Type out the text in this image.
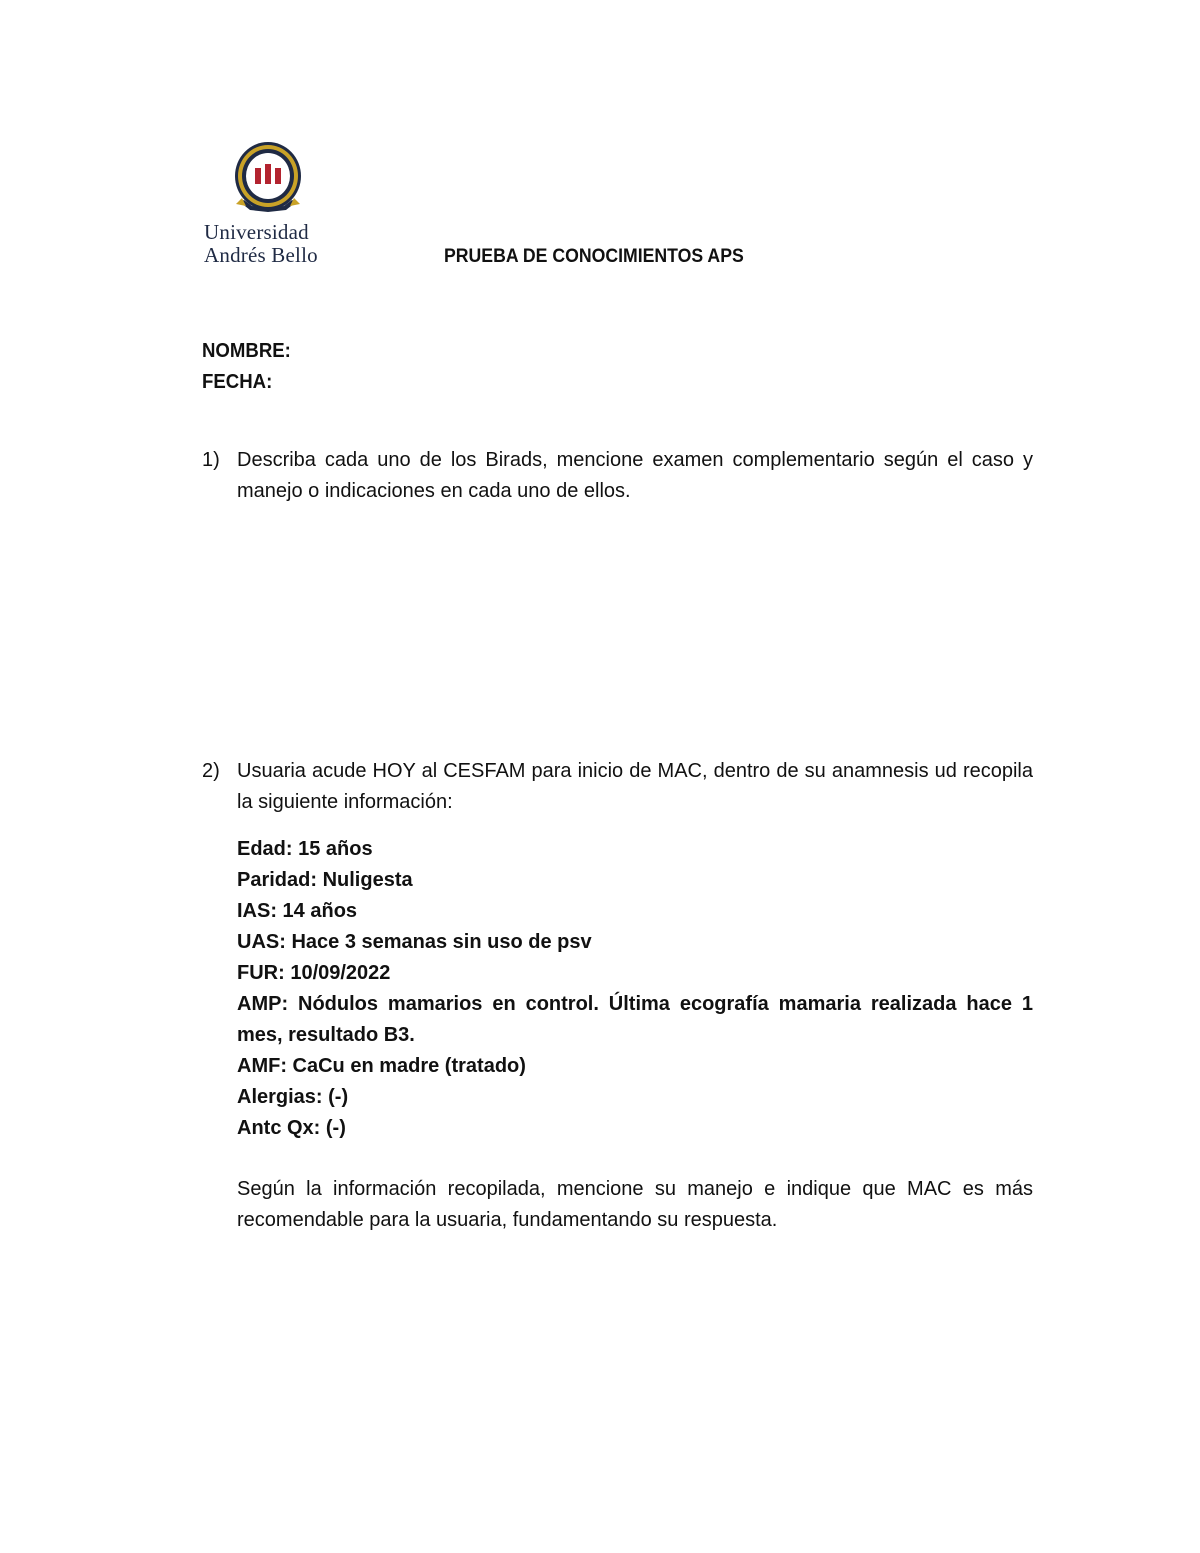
Universidad
Andrés Bello	PRUEBA DE CONOCIMIENTOS APS
NOMBRE:
FECHA:
1) Describa cada uno de los Birads, mencione examen complementario según el caso y manejo o indicaciones en cada uno de ellos.
2) Usuaria acude HOY al CESFAM para inicio de MAC, dentro de su anamnesis ud recopila la siguiente información:
Edad: 15 años
Paridad: Nuligesta
IAS: 14 años
UAS: Hace 3 semanas sin uso de psv
FUR: 10/09/2022
AMP: Nódulos mamarios en control. Última ecografía mamaria realizada hace 1 mes, resultado B3.
AMF: CaCu en madre (tratado)
Alergias: (-)
Antc Qx: (-)
Según la información recopilada, mencione su manejo e indique que MAC es más recomendable para la usuaria, fundamentando su respuesta.
